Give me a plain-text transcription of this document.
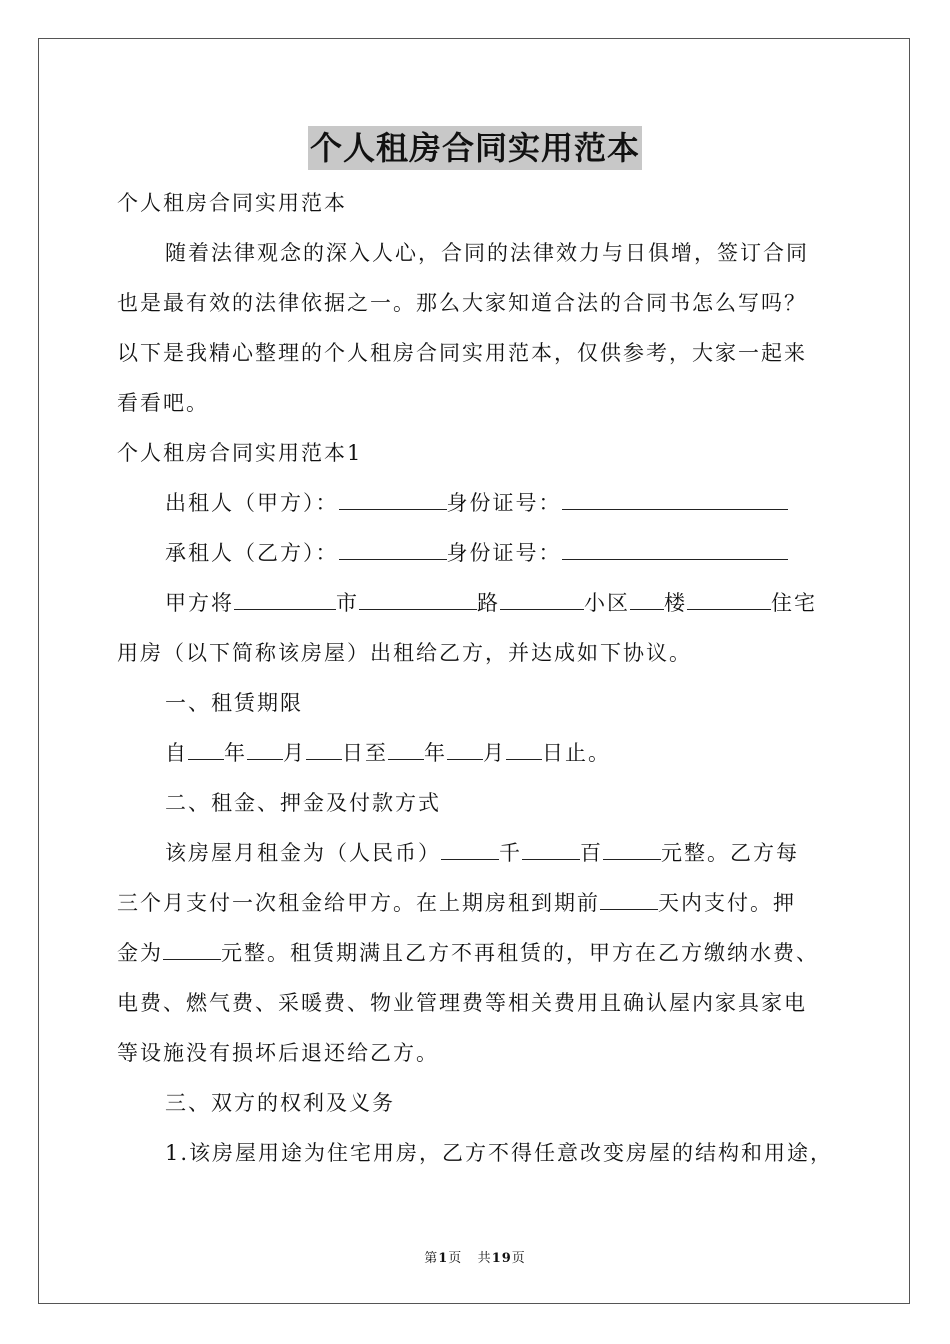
个人租房合同实用范本

个人租房合同实用范本

随着法律观念的深入人心，合同的法律效力与日俱增，签订合同

也是最有效的法律依据之一。那么大家知道合法的合同书怎么写吗？

以下是我精心整理的个人租房合同实用范本，仅供参考，大家一起来

看看吧。

个人租房合同实用范本1

出租人（甲方）：	身份证号：

承租人（乙方）：	身份证号：

甲方将	市	路	小区 楼	住宅

用房（以下简称该房屋）出租给乙方，并达成如下协议。

一、租赁期限

自 年 月 日至 年 月 日止。

二、租金、押金及付款方式

该房屋月租金为（人民币）	千	百	元整。乙方每

三个月支付一次租金给甲方。在上期房租到期前	天内支付。押

金为	元整。租赁期满且乙方不再租赁的，甲方在乙方缴纳水费、

电费、燃气费、采暖费、物业管理费等相关费用且确认屋内家具家电

等设施没有损坏后退还给乙方。

三、双方的权利及义务

1.该房屋用途为住宅用房，乙方不得任意改变房屋的结构和用途，

第1页 共19页
